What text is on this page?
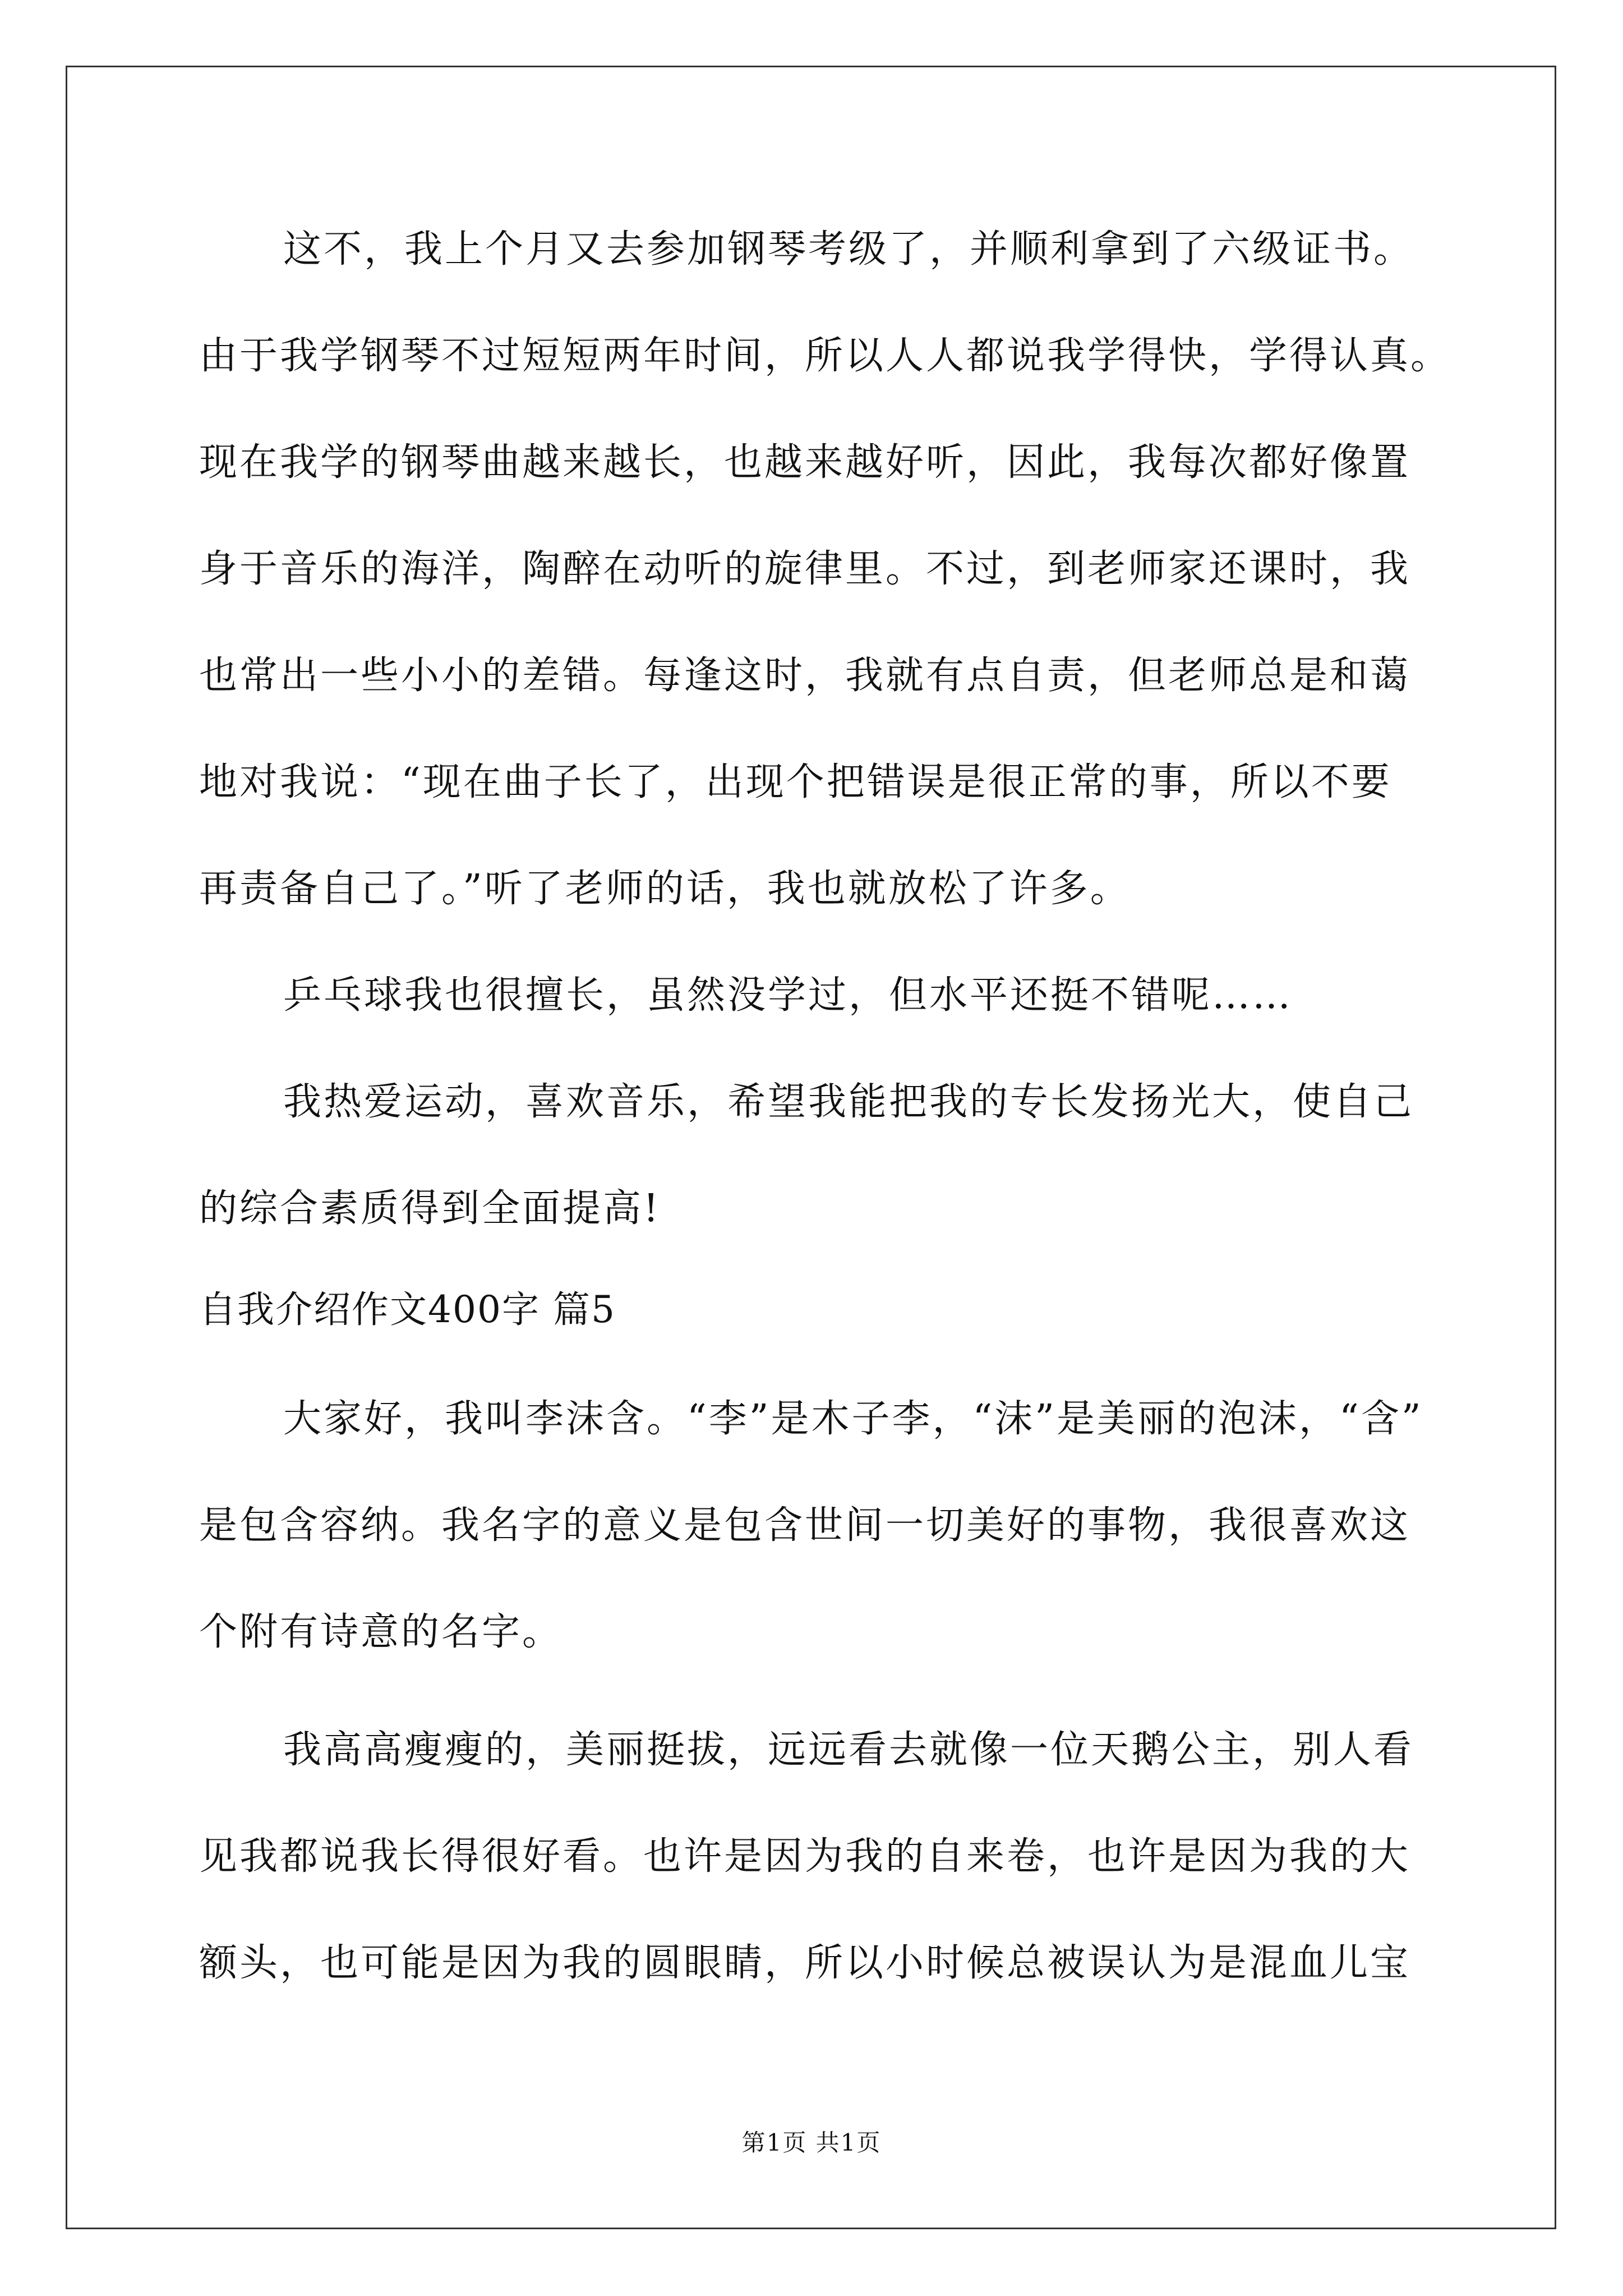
这不，我上个月又去参加钢琴考级了，并顺利拿到了六级证书。
由于我学钢琴不过短短两年时间，所以人人都说我学得快，学得认真。
现在我学的钢琴曲越来越长，也越来越好听，因此，我每次都好像置
身于音乐的海洋，陶醉在动听的旋律里。不过，到老师家还课时，我
也常出一些小小的差错。每逢这时，我就有点自责，但老师总是和蔼
地对我说：“现在曲子长了，出现个把错误是很正常的事，所以不要
再责备自己了。”听了老师的话，我也就放松了许多。
乒乓球我也很擅长，虽然没学过，但水平还挺不错呢……
我热爱运动，喜欢音乐，希望我能把我的专长发扬光大，使自己
的综合素质得到全面提高!
自我介绍作文400字 篇5
大家好，我叫李沫含。“李”是木子李，“沫”是美丽的泡沫，“含”
是包含容纳。我名字的意义是包含世间一切美好的事物，我很喜欢这
个附有诗意的名字。
我高高瘦瘦的，美丽挺拔，远远看去就像一位天鹅公主，别人看
见我都说我长得很好看。也许是因为我的自来卷，也许是因为我的大
额头，也可能是因为我的圆眼睛，所以小时候总被误认为是混血儿宝
第1页 共1页
